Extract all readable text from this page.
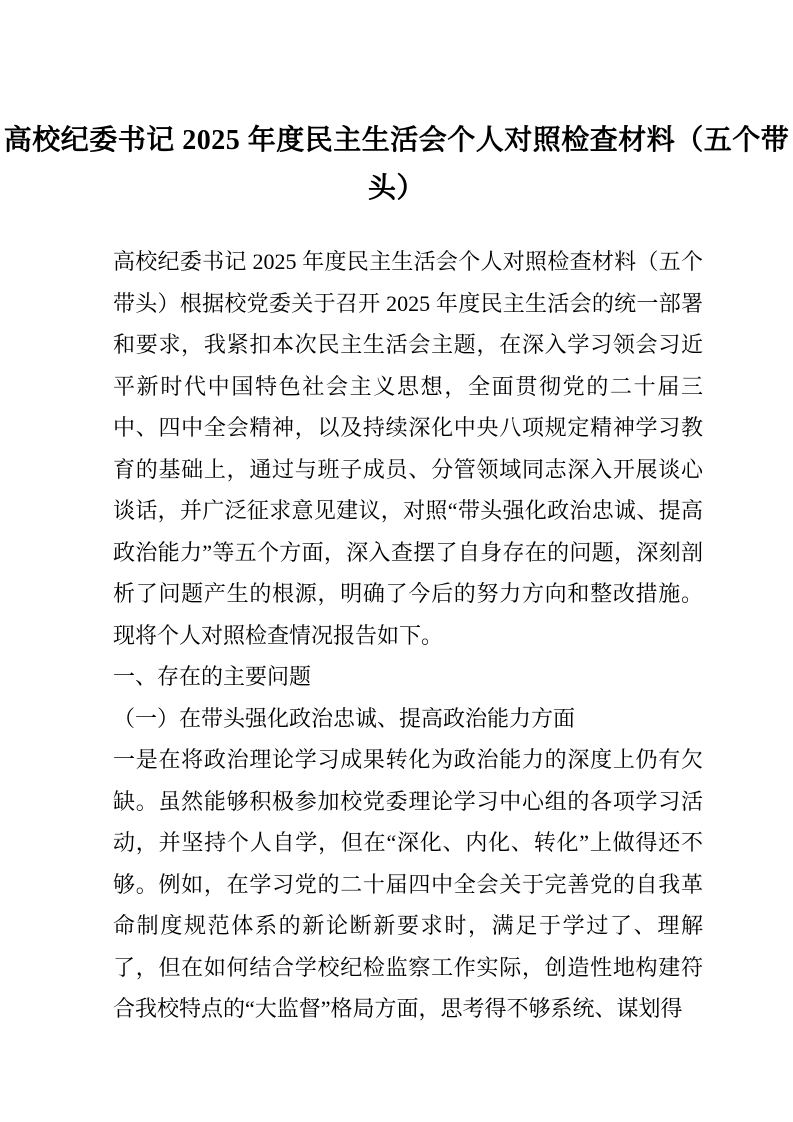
高校纪委书记 2025 年度民主生活会个人对照检查材料（五个带头）

高校纪委书记 2025 年度民主生活会个人对照检查材料（五个带头）根据校党委关于召开 2025 年度民主生活会的统一部署和要求，我紧扣本次民主生活会主题，在深入学习领会习近平新时代中国特色社会主义思想，全面贯彻党的二十届三中、四中全会精神，以及持续深化中央八项规定精神学习教育的基础上，通过与班子成员、分管领域同志深入开展谈心谈话，并广泛征求意见建议，对照“带头强化政治忠诚、提高政治能力”等五个方面，深入查摆了自身存在的问题，深刻剖析了问题产生的根源，明确了今后的努力方向和整改措施。现将个人对照检查情况报告如下。

一、存在的主要问题

（一）在带头强化政治忠诚、提高政治能力方面

一是在将政治理论学习成果转化为政治能力的深度上仍有欠缺。虽然能够积极参加校党委理论学习中心组的各项学习活动，并坚持个人自学，但在“深化、内化、转化”上做得还不够。例如，在学习党的二十届四中全会关于完善党的自我革命制度规范体系的新论断新要求时，满足于学过了、理解了，但在如何结合学校纪检监察工作实际，创造性地构建符合我校特点的“大监督”格局方面，思考得不够系统、谋划得
